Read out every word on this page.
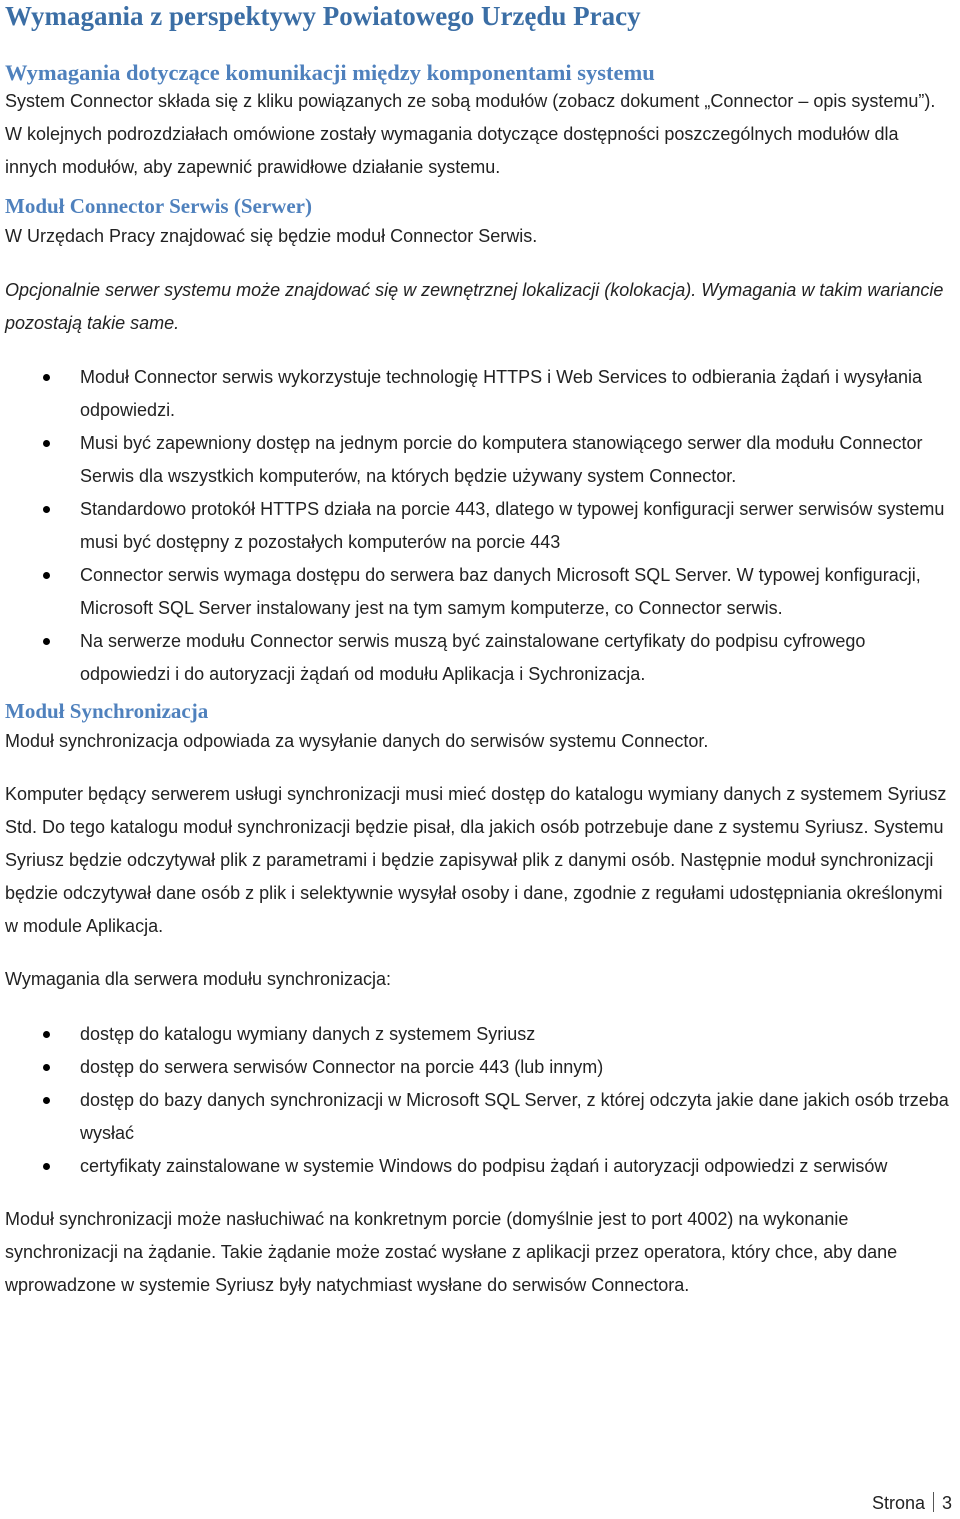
Wymagania z perspektywy Powiatowego Urzędu Pracy
Wymagania dotyczące komunikacji między komponentami systemu

System Connector składa się z kliku powiązanych ze sobą modułów (zobacz dokument „Connector – opis systemu”). W kolejnych podrozdziałach omówione zostały wymagania dotyczące dostępności poszczególnych modułów dla innych modułów, aby zapewnić prawidłowe działanie systemu.

Moduł Connector Serwis (Serwer)

W Urzędach Pracy znajdować się będzie moduł Connector Serwis.

Opcjonalnie serwer systemu może znajdować się w zewnętrznej lokalizacji (kolokacja). Wymagania w takim wariancie pozostają takie same.

Moduł Connector serwis wykorzystuje technologię HTTPS i Web Services to odbierania żądań i wysyłania odpowiedzi.
Musi być zapewniony dostęp na jednym porcie do komputera stanowiącego serwer dla modułu Connector Serwis dla wszystkich komputerów, na których będzie używany system Connector.
Standardowo protokół HTTPS działa na porcie 443, dlatego w typowej konfiguracji serwer serwisów systemu musi być dostępny z pozostałych komputerów na porcie 443
Connector serwis wymaga dostępu do serwera baz danych Microsoft SQL Server. W typowej konfiguracji, Microsoft SQL Server instalowany jest na tym samym komputerze, co Connector serwis.
Na serwerze modułu Connector serwis muszą być zainstalowane certyfikaty do podpisu cyfrowego odpowiedzi i do autoryzacji żądań od modułu Aplikacja i Sychronizacja.
Moduł Synchronizacja

Moduł synchronizacja odpowiada za wysyłanie danych do serwisów systemu Connector.

Komputer będący serwerem usługi synchronizacji musi mieć dostęp do katalogu wymiany danych z systemem Syriusz Std. Do tego katalogu moduł synchronizacji będzie pisał, dla jakich osób potrzebuje dane z systemu Syriusz. Systemu Syriusz będzie odczytywał plik z parametrami i będzie zapisywał plik z danymi osób. Następnie moduł synchronizacji będzie odczytywał dane osób z plik i selektywnie wysyłał osoby i dane, zgodnie z regułami udostępniania określonymi w module Aplikacja.

Wymagania dla serwera modułu synchronizacja:

dostęp do katalogu wymiany danych z systemem Syriusz
dostęp do serwera serwisów Connector na porcie 443 (lub innym)
dostęp do bazy danych synchronizacji w Microsoft SQL Server, z której odczyta jakie dane jakich osób trzeba wysłać
certyfikaty zainstalowane w systemie Windows do podpisu żądań i autoryzacji odpowiedzi z serwisów

Moduł synchronizacji może nasłuchiwać na konkretnym porcie (domyślnie jest to port 4002) na wykonanie synchronizacji na żądanie. Takie żądanie może zostać wysłane z aplikacji przez operatora, który chce, aby dane wprowadzone w systemie Syriusz były natychmiast wysłane do serwisów Connectora.

Strona 3
